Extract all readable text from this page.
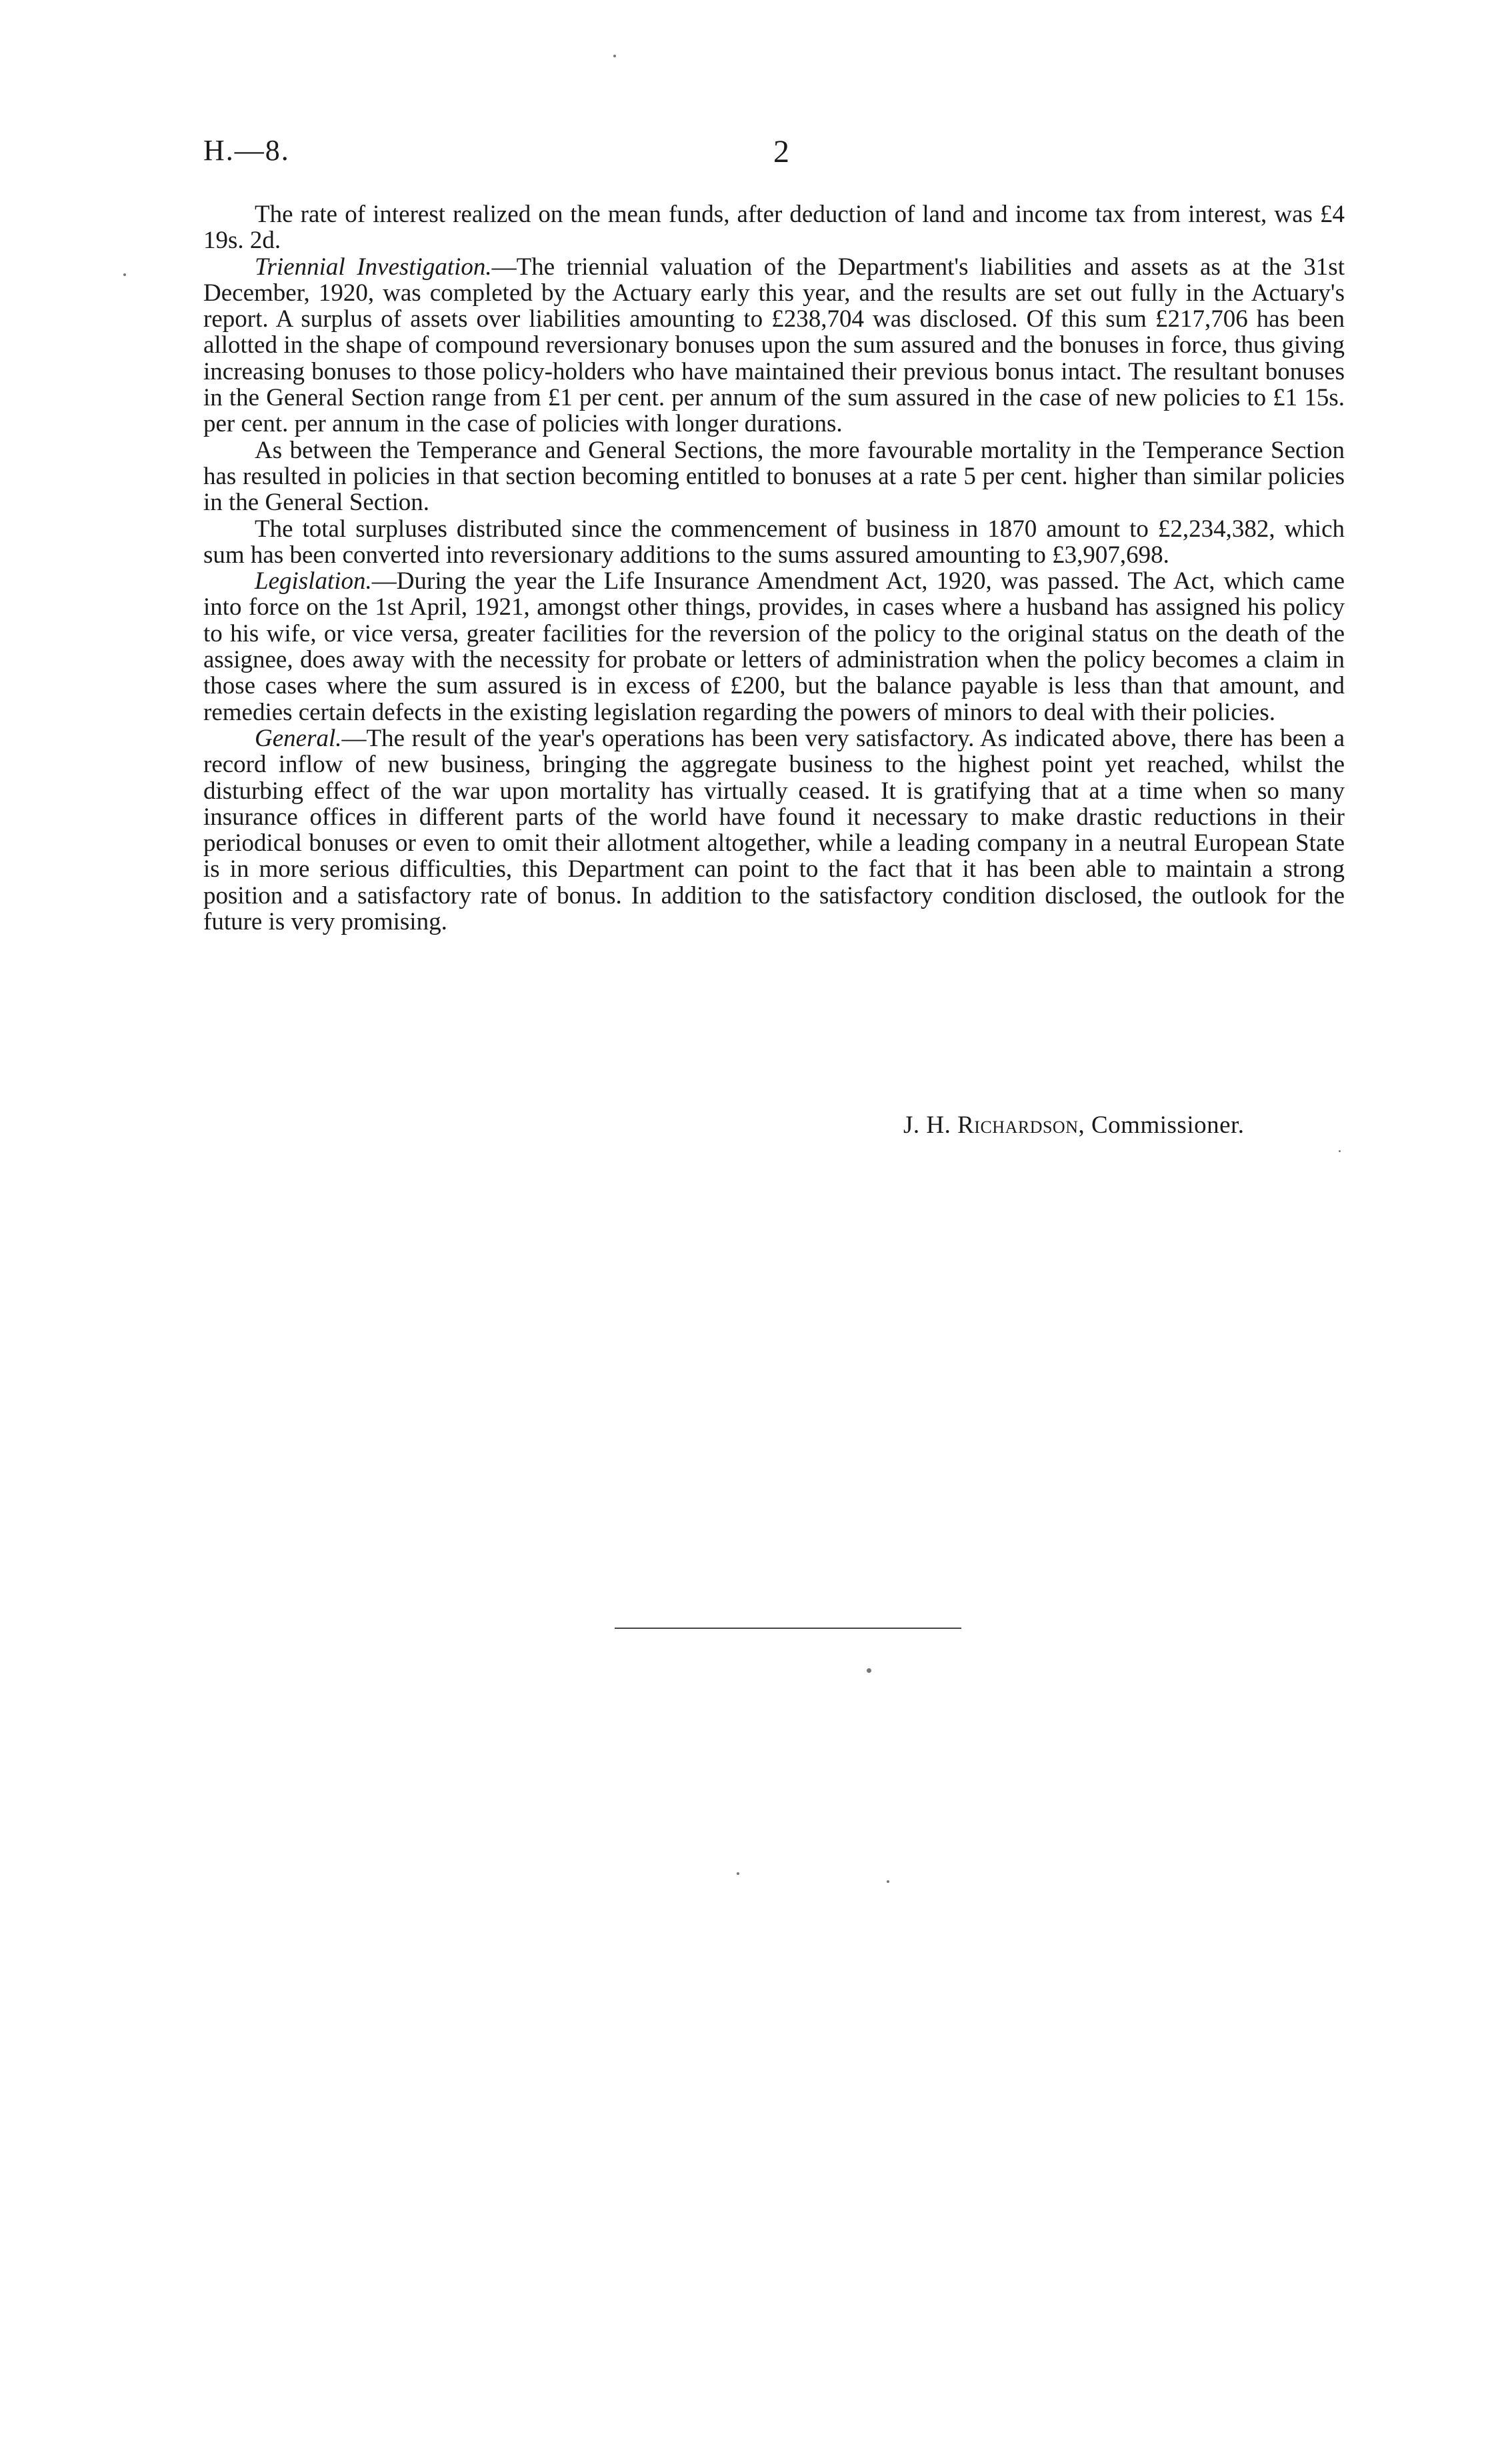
H.—8.	2

The rate of interest realized on the mean funds, after deduction of land and income tax from interest, was £4 19s. 2d.

Triennial Investigation.—The triennial valuation of the Department's liabilities and assets as at the 31st December, 1920, was completed by the Actuary early this year, and the results are set out fully in the Actuary's report. A surplus of assets over liabilities amounting to £238,704 was disclosed. Of this sum £217,706 has been allotted in the shape of compound reversionary bonuses upon the sum assured and the bonuses in force, thus giving increasing bonuses to those policy-holders who have maintained their previous bonus intact. The resultant bonuses in the General Section range from £1 per cent. per annum of the sum assured in the case of new policies to £1 15s. per cent. per annum in the case of policies with longer durations.

As between the Temperance and General Sections, the more favourable mortality in the Temperance Section has resulted in policies in that section becoming entitled to bonuses at a rate 5 per cent. higher than similar policies in the General Section.

The total surpluses distributed since the commencement of business in 1870 amount to £2,234,382, which sum has been converted into reversionary additions to the sums assured amounting to £3,907,698.

Legislation.—During the year the Life Insurance Amendment Act, 1920, was passed. The Act, which came into force on the 1st April, 1921, amongst other things, provides, in cases where a husband has assigned his policy to his wife, or vice versa, greater facilities for the reversion of the policy to the original status on the death of the assignee, does away with the necessity for probate or letters of administration when the policy becomes a claim in those cases where the sum assured is in excess of £200, but the balance payable is less than that amount, and remedies certain defects in the existing legislation regarding the powers of minors to deal with their policies.

General.—The result of the year's operations has been very satisfactory. As indicated above, there has been a record inflow of new business, bringing the aggregate business to the highest point yet reached, whilst the disturbing effect of the war upon mortality has virtually ceased. It is gratifying that at a time when so many insurance offices in different parts of the world have found it necessary to make drastic reductions in their periodical bonuses or even to omit their allotment altogether, while a leading company in a neutral European State is in more serious difficulties, this Department can point to the fact that it has been able to maintain a strong position and a satisfactory rate of bonus. In addition to the satisfactory condition disclosed, the outlook for the future is very promising.

J. H. Richardson, Commissioner.
